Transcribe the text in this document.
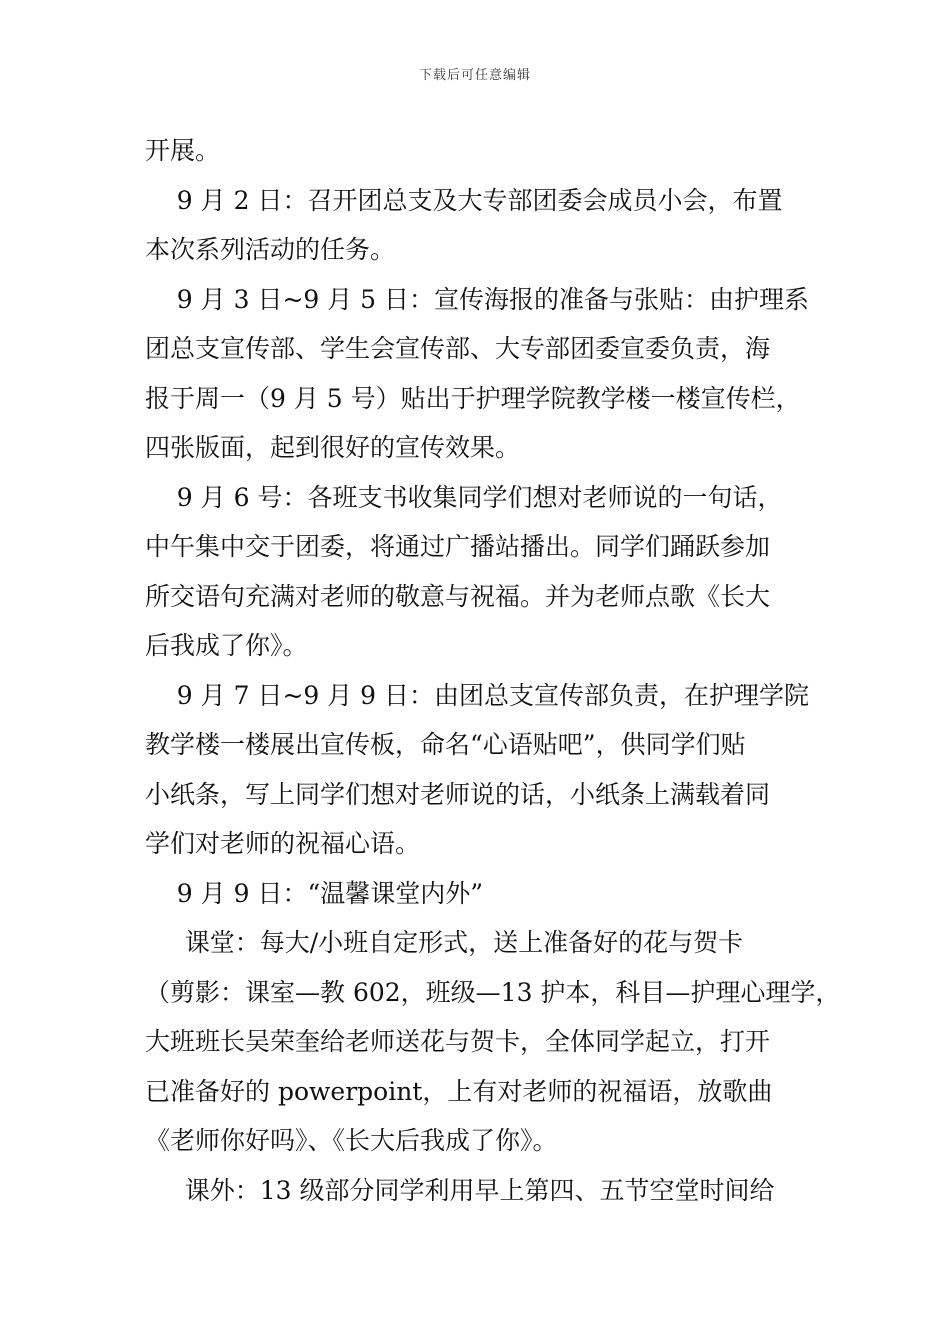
下载后可任意编辑
开展。
9 月 2 日：召开团总支及大专部团委会成员小会，布置
本次系列活动的任务。
9 月 3 日~9 月 5 日：宣传海报的准备与张贴：由护理系
团总支宣传部、学生会宣传部、大专部团委宣委负责，海
报于周一（9 月 5 号）贴出于护理学院教学楼一楼宣传栏，
四张版面，起到很好的宣传效果。
9 月 6 号：各班支书收集同学们想对老师说的一句话，
中午集中交于团委，将通过广播站播出。同学们踊跃参加
所交语句充满对老师的敬意与祝福。并为老师点歌《长大
后我成了你》。
9 月 7 日~9 月 9 日：由团总支宣传部负责，在护理学院
教学楼一楼展出宣传板，命名“心语贴吧”，供同学们贴
小纸条，写上同学们想对老师说的话，小纸条上满载着同
学们对老师的祝福心语。
9 月 9 日：“温馨课堂内外”
课堂：每大/小班自定形式，送上准备好的花与贺卡
（剪影：课室—教 602，班级—13 护本，科目—护理心理学，
大班班长吴荣奎给老师送花与贺卡，全体同学起立，打开
已准备好的 powerpoint，上有对老师的祝福语，放歌曲
《老师你好吗》、《长大后我成了你》。
课外：13 级部分同学利用早上第四、五节空堂时间给
